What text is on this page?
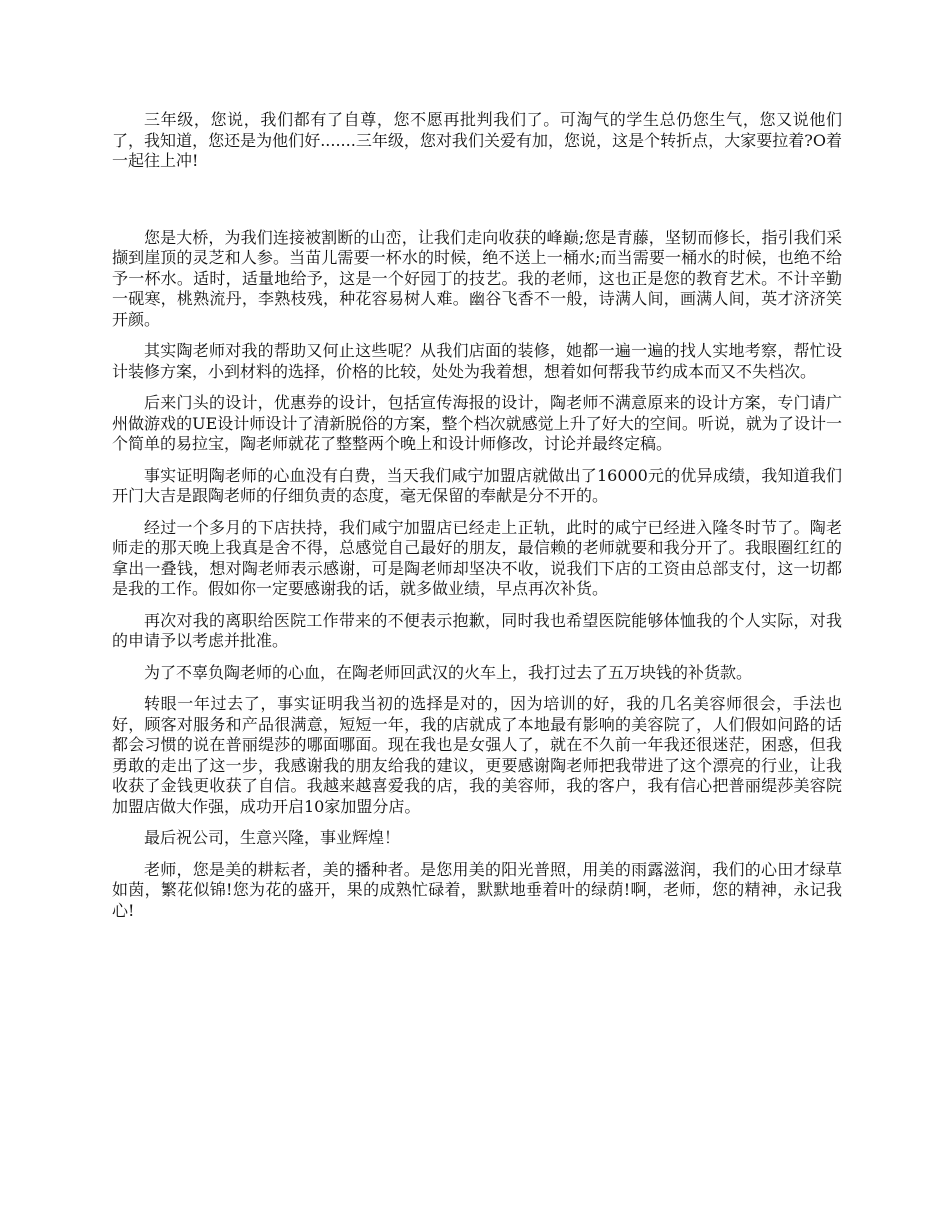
三年级，您说，我们都有了自尊，您不愿再批判我们了。可淘气的学生总仍您生气，您又说他们了，我知道，您还是为他们好.......三年级，您对我们关爱有加，您说，这是个转折点，大家要拉着?O着一起往上冲!

您是大桥，为我们连接被割断的山峦，让我们走向收获的峰巅;您是青藤，坚韧而修长，指引我们采撷到崖顶的灵芝和人参。当苗儿需要一杯水的时候，绝不送上一桶水;而当需要一桶水的时候，也绝不给予一杯水。适时，适量地给予，这是一个好园丁的技艺。我的老师，这也正是您的教育艺术。不计辛勤一砚寒，桃熟流丹，李熟枝残，种花容易树人难。幽谷飞香不一般，诗满人间，画满人间，英才济济笑开颜。

其实陶老师对我的帮助又何止这些呢？从我们店面的装修，她都一遍一遍的找人实地考察，帮忙设计装修方案，小到材料的选择，价格的比较，处处为我着想，想着如何帮我节约成本而又不失档次。

后来门头的设计，优惠券的设计，包括宣传海报的设计，陶老师不满意原来的设计方案，专门请广州做游戏的UE设计师设计了清新脱俗的方案，整个档次就感觉上升了好大的空间。听说，就为了设计一个简单的易拉宝，陶老师就花了整整两个晚上和设计师修改，讨论并最终定稿。

事实证明陶老师的心血没有白费，当天我们咸宁加盟店就做出了16000元的优异成绩，我知道我们开门大吉是跟陶老师的仔细负责的态度，毫无保留的奉献是分不开的。

经过一个多月的下店扶持，我们咸宁加盟店已经走上正轨，此时的咸宁已经进入隆冬时节了。陶老师走的那天晚上我真是舍不得，总感觉自己最好的朋友，最信赖的老师就要和我分开了。我眼圈红红的拿出一叠钱，想对陶老师表示感谢，可是陶老师却坚决不收，说我们下店的工资由总部支付，这一切都是我的工作。假如你一定要感谢我的话，就多做业绩，早点再次补货。

再次对我的离职给医院工作带来的不便表示抱歉，同时我也希望医院能够体恤我的个人实际，对我的申请予以考虑并批准。

为了不辜负陶老师的心血，在陶老师回武汉的火车上，我打过去了五万块钱的补货款。

转眼一年过去了，事实证明我当初的选择是对的，因为培训的好，我的几名美容师很会，手法也好，顾客对服务和产品很满意，短短一年，我的店就成了本地最有影响的美容院了，人们假如问路的话都会习惯的说在普丽缇莎的哪面哪面。现在我也是女强人了，就在不久前一年我还很迷茫，困惑，但我勇敢的走出了这一步，我感谢我的朋友给我的建议，更要感谢陶老师把我带进了这个漂亮的行业，让我收获了金钱更收获了自信。我越来越喜爱我的店，我的美容师，我的客户，我有信心把普丽缇莎美容院加盟店做大作强，成功开启10家加盟分店。

最后祝公司，生意兴隆，事业辉煌！

老师，您是美的耕耘者，美的播种者。是您用美的阳光普照，用美的雨露滋润，我们的心田才绿草如茵，繁花似锦!您为花的盛开，果的成熟忙碌着，默默地垂着叶的绿荫!啊，老师，您的精神，永记我心!
